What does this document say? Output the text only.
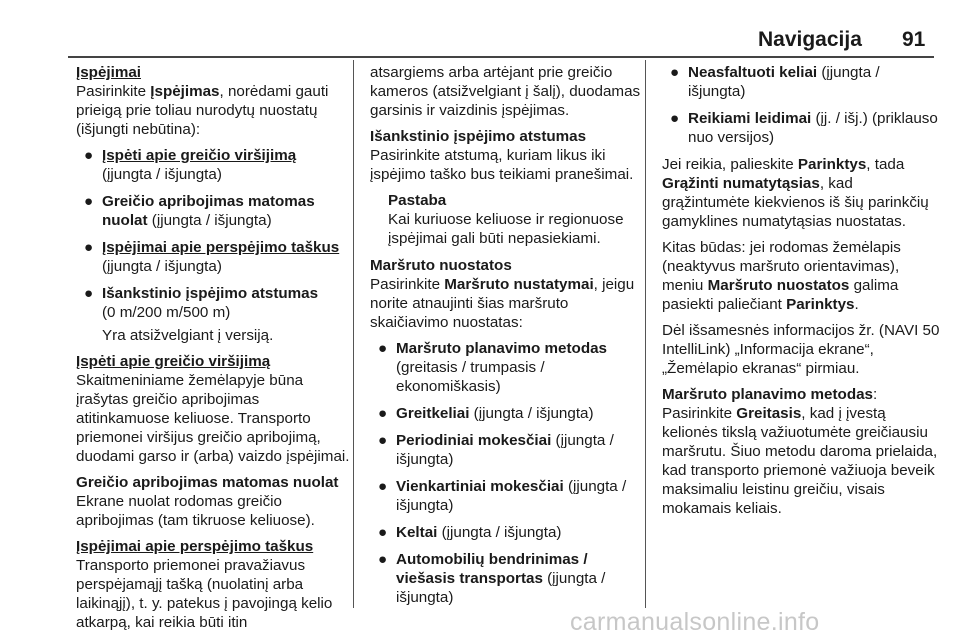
Navigacija 91

Įspėjimai

Pasirinkite Įspėjimas, norėdami gauti prieigą prie toliau nurodytų nuostatų (išjungti nebūtina):

● Įspėti apie greičio viršijimą
(įjungta / išjungta)
● Greičio apribojimas matomas nuolat (įjungta / išjungta)
● Įspėjimai apie perspėjimo taškus
(įjungta / išjungta)
● Išankstinio įspėjimo atstumas
(0 m/200 m/500 m)

Yra atsižvelgiant į versiją.

Įspėti apie greičio viršijimą

Skaitmeniniame žemėlapyje būna įrašytas greičio apribojimas atitinkamuose keliuose. Transporto priemonei viršijus greičio apribojimą, duodami garso ir (arba) vaizdo įspėjimai.

Greičio apribojimas matomas nuolat

Ekrane nuolat rodomas greičio apribojimas (tam tikruose keliuose).

Įspėjimai apie perspėjimo taškus

Transporto priemonei pravažiavus perspėjamąjį tašką (nuolatinį arba laikinąjį), t. y. patekus į pavojingą kelio atkarpą, kai reikia būti itin

atsargiems arba artėjant prie greičio kameros (atsižvelgiant į šalį), duodamas garsinis ir vaizdinis įspėjimas.

Išankstinio įspėjimo atstumas

Pasirinkite atstumą, kuriam likus iki įspėjimo taško bus teikiami pranešimai.

Pastaba

Kai kuriuose keliuose ir regionuose įspėjimai gali būti nepasiekiami.

Maršruto nuostatos

Pasirinkite Maršruto nustatymai, jeigu norite atnaujinti šias maršruto skaičiavimo nuostatas:

● Maršruto planavimo metodas
(greitasis / trumpasis / ekonomiškasis)
● Greitkeliai (įjungta / išjungta)
● Periodiniai mokesčiai (įjungta / išjungta)
● Vienkartiniai mokesčiai (įjungta / išjungta)
● Keltai (įjungta / išjungta)
● Automobilių bendrinimas / viešasis transportas (įjungta / išjungta)
● Neasfaltuoti keliai (įjungta / išjungta)
● Reikiami leidimai (įj. / išj.) (priklauso nuo versijos)

Jei reikia, palieskite Parinktys, tada Grąžinti numatytąsias, kad grąžintumėte kiekvienos iš šių parinkčių gamyklines numatytąsias nuostatas.

Kitas būdas: jei rodomas žemėlapis (neaktyvus maršruto orientavimas), meniu Maršruto nuostatos galima pasiekti paliečiant Parinktys.

Dėl išsamesnės informacijos žr. (NAVI 50 IntelliLink) „Informacija ekrane“, „Žemėlapio ekranas“ pirmiau.

Maršruto planavimo metodas:

Pasirinkite Greitasis, kad į įvestą kelionės tikslą važiuotumėte greičiausiu maršrutu. Šiuo metodu daroma prielaida, kad transporto priemonė važiuoja beveik maksimaliu leistinu greičiu, visais mokamais keliais.

carmanualsonline.info
